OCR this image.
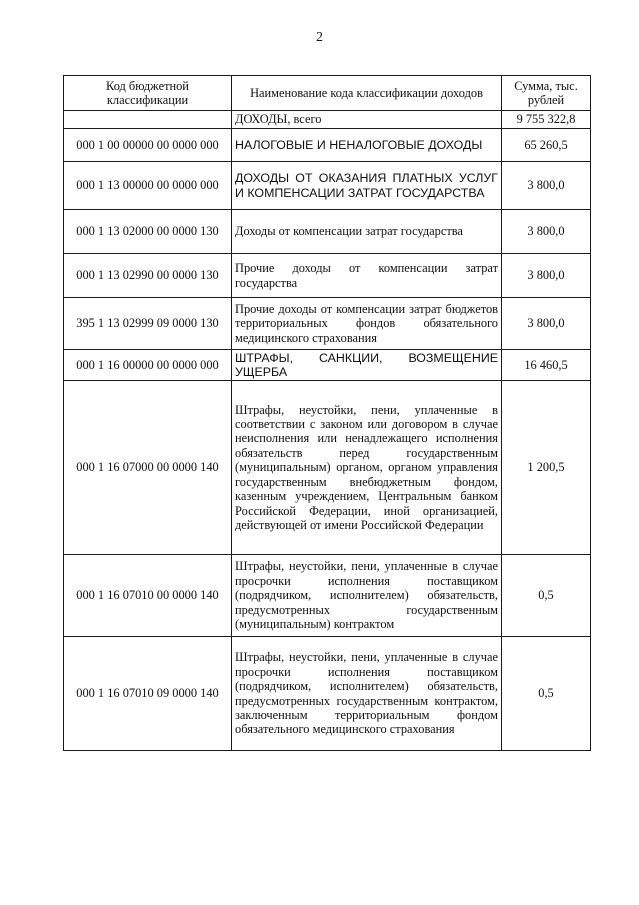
2
Код бюджетной классификации	Наименование кода классификации доходов	Сумма, тыс. рублей
	ДОХОДЫ, всего	9 755 322,8
000 1 00 00000 00 0000 000	НАЛОГОВЫЕ И НЕНАЛОГОВЫЕ ДОХОДЫ	65 260,5
000 1 13 00000 00 0000 000	ДОХОДЫ ОТ ОКАЗАНИЯ ПЛАТНЫХ УСЛУГ И КОМПЕНСАЦИИ ЗАТРАТ ГОСУДАРСТВА	3 800,0
000 1 13 02000 00 0000 130	Доходы от компенсации затрат государства	3 800,0
000 1 13 02990 00 0000 130	Прочие доходы от компенсации затрат государства	3 800,0
395 1 13 02999 09 0000 130	Прочие доходы от компенсации затрат бюджетов территориальных фондов обязательного медицинского страхования	3 800,0
000 1 16 00000 00 0000 000	ШТРАФЫ, САНКЦИИ, ВОЗМЕЩЕНИЕ УЩЕРБА	16 460,5
000 1 16 07000 00 0000 140	Штрафы, неустойки, пени, уплаченные в соответствии с законом или договором в случае неисполнения или ненадлежащего исполнения обязательств перед государственным (муниципальным) органом, органом управления государственным внебюджетным фондом, казенным учреждением, Центральным банком Российской Федерации, иной организацией, действующей от имени Российской Федерации	1 200,5
000 1 16 07010 00 0000 140	Штрафы, неустойки, пени, уплаченные в случае просрочки исполнения поставщиком (подрядчиком, исполнителем) обязательств, предусмотренных государственным (муниципальным) контрактом	0,5
000 1 16 07010 09 0000 140	Штрафы, неустойки, пени, уплаченные в случае просрочки исполнения поставщиком (подрядчиком, исполнителем) обязательств, предусмотренных государственным контрактом, заключенным территориальным фондом обязательного медицинского страхования	0,5
